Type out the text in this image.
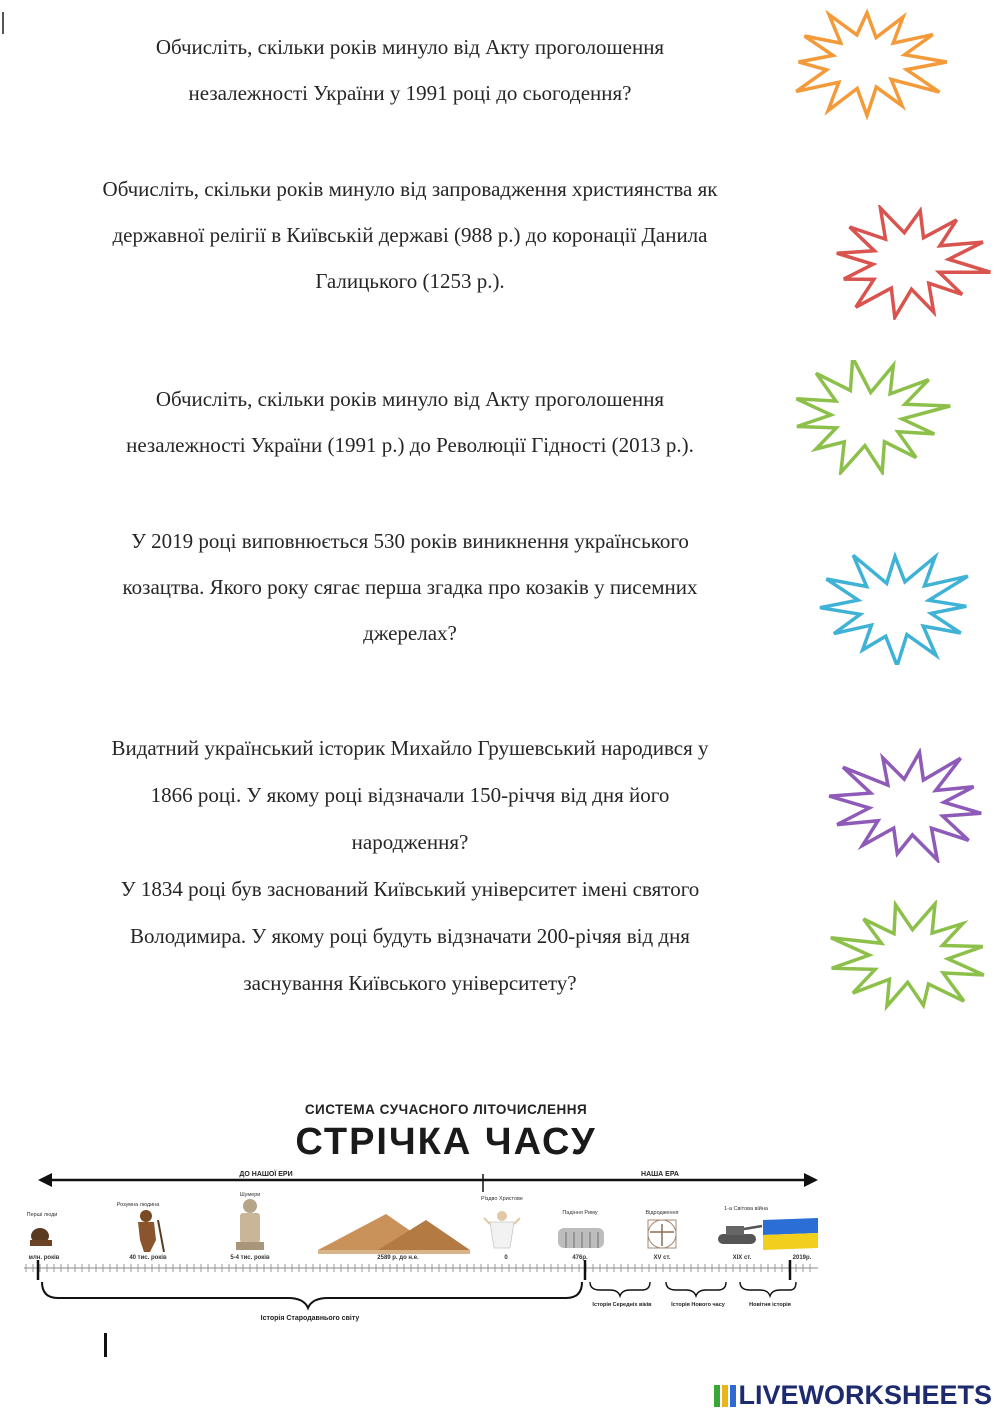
Обчисліть, скільки років минуло від Акту проголошення

незалежності України у 1991 році до сьогодення?

Обчисліть, скільки років минуло від запровадження християнства як

державної релігії в Київській державі (988 р.) до коронації Данила

Галицького (1253 р.).

Обчисліть, скільки років минуло від Акту проголошення

незалежності України (1991 р.) до Революції Гідності (2013 р.).

У 2019 році виповнюється 530 років виникнення українського

козацтва. Якого року сягає перша згадка про козаків у писемних

джерелах?

Видатний український історик Михайло Грушевський народився у

1866 році. У якому році відзначали 150-річчя від дня його

народження?

У 1834 році був заснований Київський університет імені святого

Володимира. У якому році будуть відзначати 200-річяя від дня

заснування Київського університету?

СИСТЕМА СУЧАСНОГО ЛІТОЧИСЛЕННЯ
СТРІЧКА ЧАСУ
ДО НАШОЇ ЕРИ	НАША ЕРА
Перші люди
Розумна людина
Шумери
Різдво Христове
Падіння Риму	Відродження
1-а Світова війна
млн. років	40 тис. років	5-4 тис. років	2589 р. до н.е.	0	476р.	XV ст.	XIX ст.	2019р.
Історія Стародавнього світу
Історія Середніх віків	Історія Нового часу	Новітня історія
LIVEWORKSHEETS
